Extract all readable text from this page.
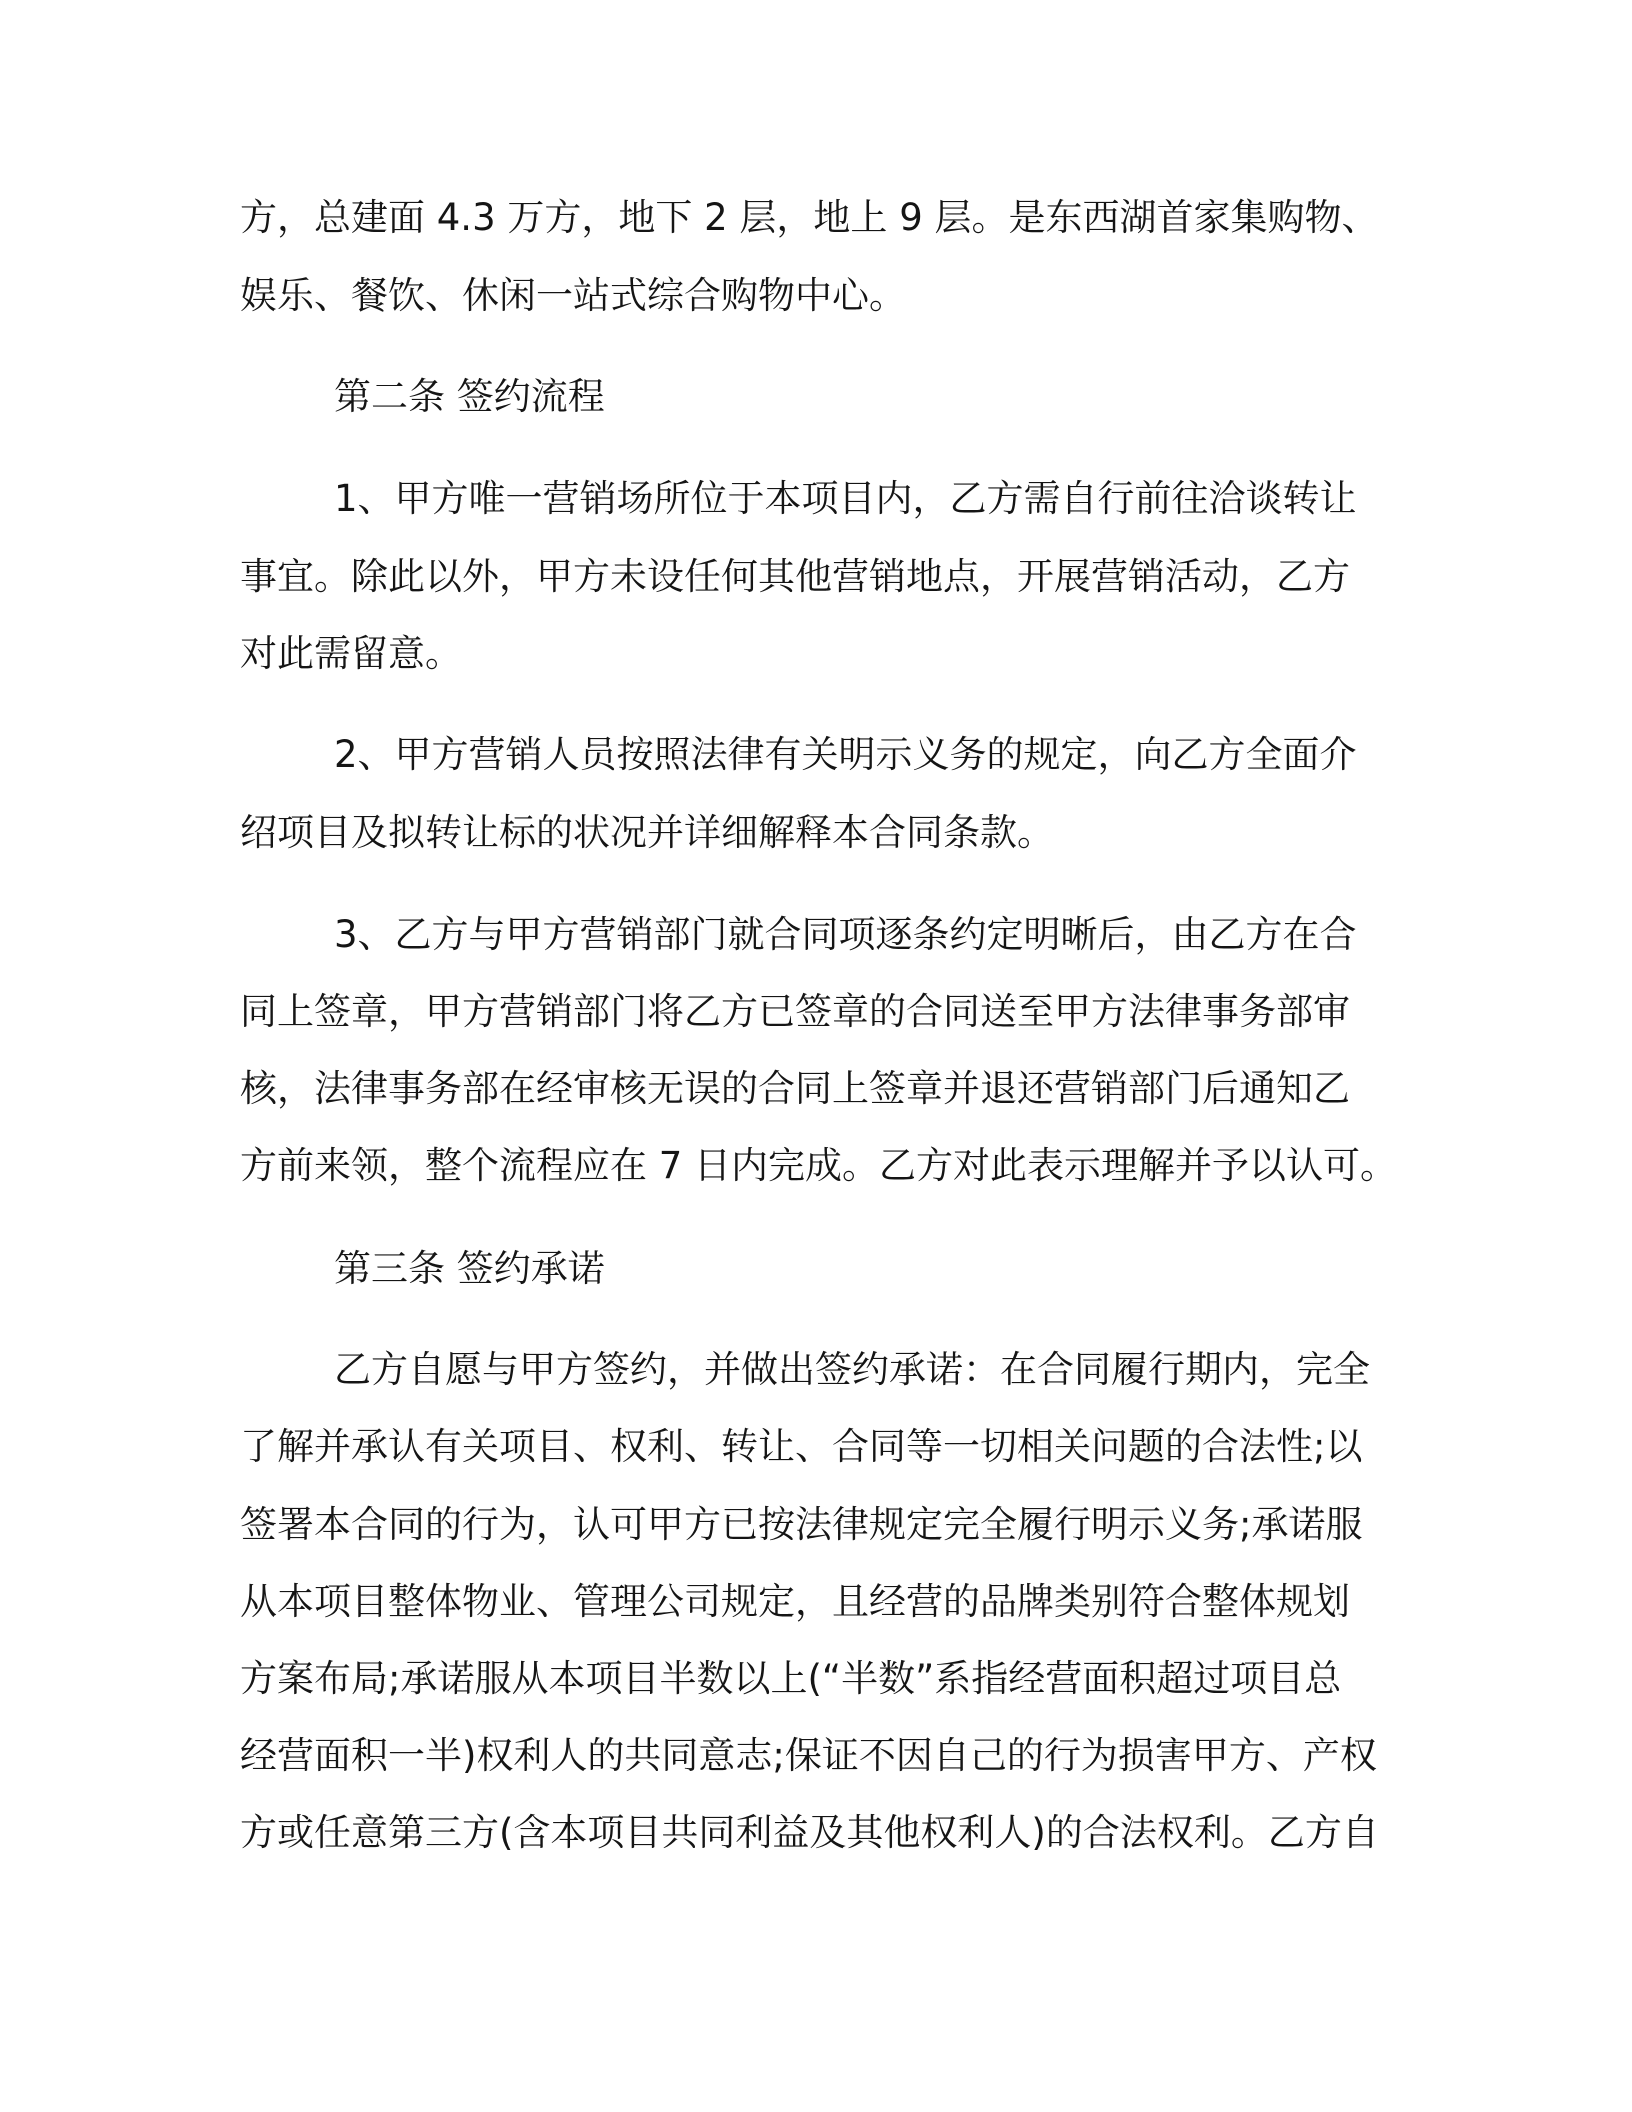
方，总建面 4.3 万方，地下 2 层，地上 9 层。是东西湖首家集购物、
娱乐、餐饮、休闲一站式综合购物中心。
第二条 签约流程
1、甲方唯一营销场所位于本项目内，乙方需自行前往洽谈转让
事宜。除此以外，甲方未设任何其他营销地点，开展营销活动，乙方
对此需留意。
2、甲方营销人员按照法律有关明示义务的规定，向乙方全面介
绍项目及拟转让标的状况并详细解释本合同条款。
3、乙方与甲方营销部门就合同项逐条约定明晰后，由乙方在合
同上签章，甲方营销部门将乙方已签章的合同送至甲方法律事务部审
核，法律事务部在经审核无误的合同上签章并退还营销部门后通知乙
方前来领，整个流程应在 7 日内完成。乙方对此表示理解并予以认可。
第三条 签约承诺
乙方自愿与甲方签约，并做出签约承诺：在合同履行期内，完全
了解并承认有关项目、权利、转让、合同等一切相关问题的合法性;以
签署本合同的行为，认可甲方已按法律规定完全履行明示义务;承诺服
从本项目整体物业、管理公司规定，且经营的品牌类别符合整体规划
方案布局;承诺服从本项目半数以上(“半数”系指经营面积超过项目总
经营面积一半)权利人的共同意志;保证不因自己的行为损害甲方、产权
方或任意第三方(含本项目共同利益及其他权利人)的合法权利。乙方自
